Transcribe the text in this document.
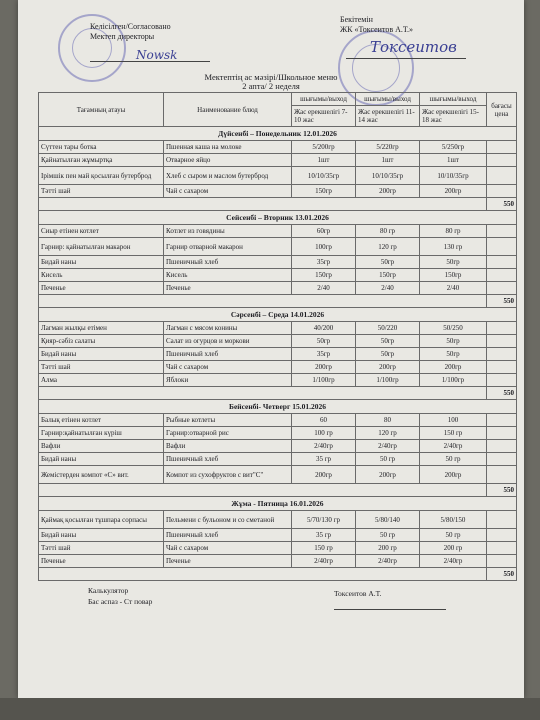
Келісілген/Согласовано
Мектеп директоры
Nowsk
Бекітемін
ЖК «Токсеитов А.Т.»
Токсеитов
Мектептің ас мәзірі/Школьное меню
2 апта/ 2 неделя
Тағамның атауы	Наименование блюд	шығымы/выход	шығымы/выход	шығымы/выход	бағасы цена
		Жас ерекшелігі 7-10 жас	Жас ерекшелігі 11-14 жас	Жас ерекшелігі 15-18 жас	
Дүйсенбі – Понедельник 12.01.2026					
Сүттен тары ботка	Пшенная каша на молоке	5/200гр	5/220гр	5/250гр	
Қайнатылған жұмыртқа	Отварное яйцо	1шт	1шт	1шт	
Ірімшік пен май қосылған бутерброд	Хлеб с сыром и маслом бутерброд	10/10/35гр	10/10/35гр	10/10/35гр	
Тәтті шай	Чай с сахаром	150гр	200гр	200гр	
					550
Сейсенбі – Вторник 13.01.2026					
Сиыр етінен котлет	Котлет из говядины	60гр	80 гр	80 гр	
Гарнир: қайнатылған макарон	Гарнир отварной макарон	100гр	120 гр	130 гр	
Бидай наны	Пшеничный хлеб	35гр	50гр	50гр	
Кисель	Кисель	150гр	150гр	150гр	
Печенье	Печенье	2/40	2/40	2/40	
					550
Сәрсенбі – Среда 14.01.2026					
Лагман жылқы етімен	Лагман с мясом конины	40/200	50/220	50/250	
Қияр-сәбіз салаты	Салат из огурцов и моркови	50гр	50гр	50гр	
Бидай наны	Пшеничный хлеб	35гр	50гр	50гр	
Тәтті шай	Чай с сахаром	200гр	200гр	200гр	
Алма	Яблоки	1/100гр	1/100гр	1/100гр	
					550
Бейсенбі- Четверг 15.01.2026					
Балық етінен котлет	Рыбные котлеты	60	80	100	
Гарнир:қайнатылған күріш	Гарнир:отварной рис	100 гр	120 гр	150 гр	
Вафли	Вафли	2/40гр	2/40гр	2/40гр	
Бидай наны	Пшеничный хлеб	35 гр	50 гр	50 гр	
Жемістерден компот «С» вит.	Компот из сухофруктов с вит"С"	200гр	200гр	200гр	
					550
Жұма - Пятница 16.01.2026					
Қаймақ қосылған тұшпара сорпасы	Пельмени с бульоном и со сметаной	5/70/130 гр	5/80/140	5/80/150	
Бидай наны	Пшеничный хлеб	35 гр	50 гр	50 гр	
Тәтті шай	Чай с сахаром	150 гр	200 гр	200 гр	
Печенье	Печенье	2/40гр	2/40гр	2/40гр	
					550
Калькулятор
Бас аспаз - Ст повар
Токсеитов А.Т.
